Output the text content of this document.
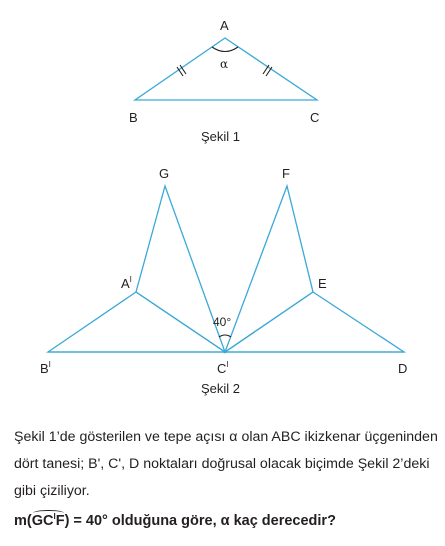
α
A
B	C
Şekil 1
40°
G	F
$A^I$	E
$B^I$	$C^I$	D
Şekil 2

Şekil 1’de gösterilen ve tepe açısı α olan ABC ikizkenar üçgeninden dört tanesi; B', C', D noktaları doğrusal olacak biçimde Şekil 2’deki gibi çiziliyor.

$m(GC^IF) = 40^\circ$ olduğuna göre, α kaç derecedir?
